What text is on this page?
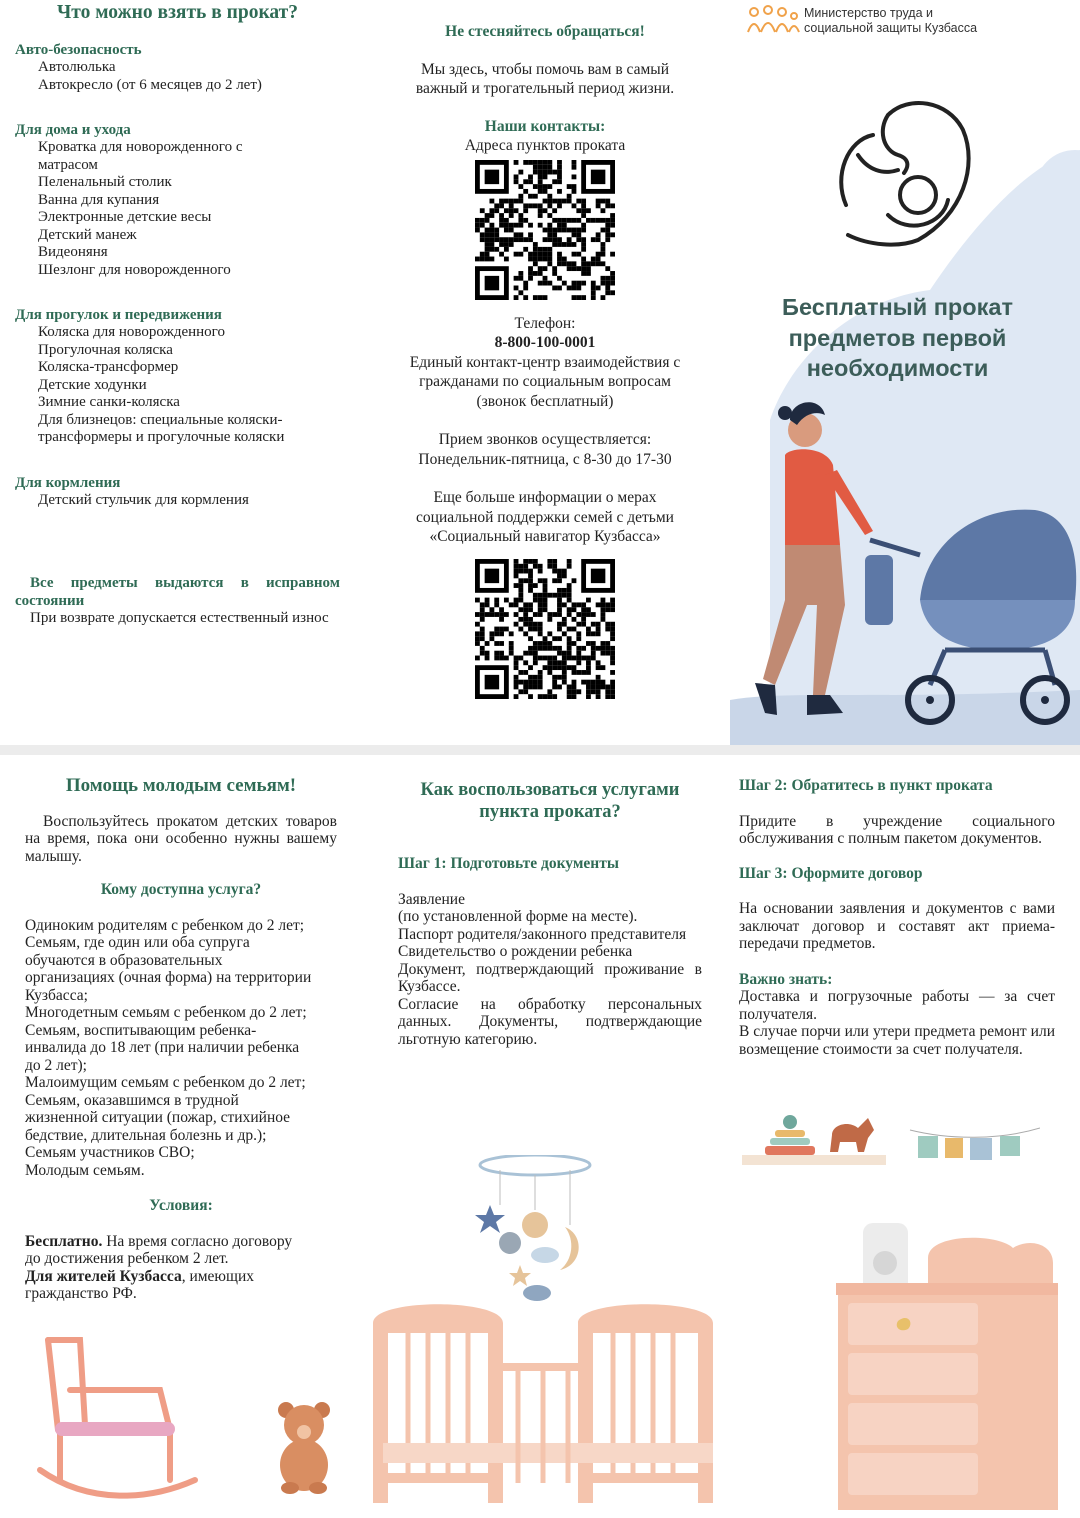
Что можно взять в прокат?
Авто-безопасность
Автолюлька
Автокресло (от 6 месяцев до 2 лет)
Для дома и ухода
Кроватка для новорожденного с
матрасом
Пеленальный столик
Ванна для купания
Электронные детские весы
Детский манеж
Видеоняня
Шезлонг для новорожденного
Для прогулок и передвижения
Коляска для новорожденного
Прогулочная коляска
Коляска-трансформер
Детские ходунки
Зимние санки-коляска
Для близнецов: специальные коляски-
трансформеры и прогулочные коляски
Для кормления
Детский стульчик для кормления
Все предметы выдаются в исправном состоянии
При возврате допускается естественный износ
Не стесняйтесь обращаться!
Мы здесь, чтобы помочь вам в самый важный и трогательный период жизни.
Наши контакты:
Адреса пунктов проката
Телефон:
8-800-100-0001
Единый контакт-центр взаимодействия с
гражданами по социальным вопросам
(звонок бесплатный)
Прием звонков осуществляется:
Понедельник-пятница, с 8-30 до 17-30
Еще больше информации о мерах
социальной поддержки семей с детьми
«Социальный навигатор Кузбасса»
Министерство труда и
социальной защиты Кузбасса
Бесплатный прокат
предметов первой
необходимости
Помощь молодым семьям!
Воспользуйтесь прокатом детских товаров на время, пока они особенно нужны вашему малышу.
Кому доступна услуга?
Одиноким родителям с ребенком до 2 лет;
Семьям, где один или оба супруга
обучаются в образовательных
организациях (очная форма) на территории
Кузбасса;
Многодетным семьям с ребенком до 2 лет;
Семьям, воспитывающим ребенка-
инвалида до 18 лет (при наличии ребенка
до 2 лет);
Малоимущим семьям с ребенком до 2 лет;
Семьям, оказавшимся в трудной
жизненной ситуации (пожар, стихийное
бедствие, длительная болезнь и др.);
Семьям участников СВО;
Молодым семьям.
Условия:
Бесплатно. На время согласно договору
до достижения ребенком 2 лет.
Для жителей Кузбасса, имеющих
гражданство РФ.
Как воспользоваться услугами пункта проката?
Шаг 1: Подготовьте документы
Заявление
(по установленной форме на месте).
Паспорт родителя/законного представителя
Свидетельство о рождении ребенка
Документ, подтверждающий проживание в Кузбассе.
Согласие на обработку персональных данных. Документы, подтверждающие льготную категорию.
Шаг 2: Обратитесь в пункт проката
Придите в учреждение социального обслуживания с полным пакетом документов.
Шаг 3: Оформите договор
На основании заявления и документов с вами заключат договор и составят акт приема-передачи предметов.
Важно знать:
Доставка и погрузочные работы — за счет получателя.
В случае порчи или утери предмета ремонт или возмещение стоимости за счет получателя.
